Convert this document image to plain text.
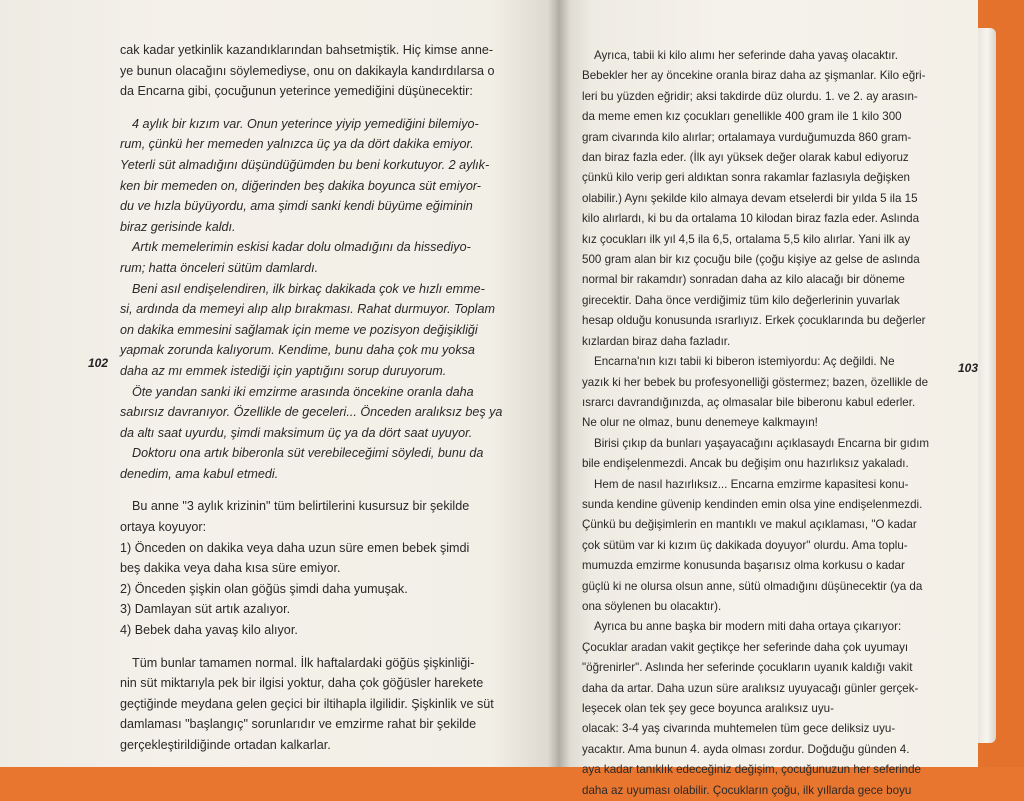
cak kadar yetkinlik kazandıklarından bahsetmiştik. Hiç kimse anne-
ye bunun olacağını söylemediyse, onu on dakikayla kandırdılarsa o
da Encarna gibi, çocuğunun yeterince yemediğini düşünecektir:
4 aylık bir kızım var. Onun yeterince yiyip yemediğini bilemiyo-
rum, çünkü her memeden yalnızca üç ya da dört dakika emiyor.
Yeterli süt almadığını düşündüğümden bu beni korkutuyor. 2 aylık-
ken bir memeden on, diğerinden beş dakika boyunca süt emiyor-
du ve hızla büyüyordu, ama şimdi sanki kendi büyüme eğiminin
biraz gerisinde kaldı.
Artık memelerimin eskisi kadar dolu olmadığını da hissediyo-
rum; hatta önceleri sütüm damlardı.
Beni asıl endişelendiren, ilk birkaç dakikada çok ve hızlı emme-
si, ardında da memeyi alıp alıp bırakması. Rahat durmuyor. Toplam
on dakika emmesini sağlamak için meme ve pozisyon değişikliği
yapmak zorunda kalıyorum. Kendime, bunu daha çok mu yoksa
daha az mı emmek istediği için yaptığını sorup duruyorum.
Öte yandan sanki iki emzirme arasında öncekine oranla daha
sabırsız davranıyor. Özellikle de geceleri... Önceden aralıksız beş ya
da altı saat uyurdu, şimdi maksimum üç ya da dört saat uyuyor.
Doktoru ona artık biberonla süt verebileceğimi söyledi, bunu da
denedim, ama kabul etmedi.
Bu anne "3 aylık krizinin" tüm belirtilerini kusursuz bir şekilde
ortaya koyuyor:
1) Önceden on dakika veya daha uzun süre emen bebek şimdi
beş dakika veya daha kısa süre emiyor.
2) Önceden şişkin olan göğüs şimdi daha yumuşak.
3) Damlayan süt artık azalıyor.
4) Bebek daha yavaş kilo alıyor.
Tüm bunlar tamamen normal. İlk haftalardaki göğüs şişkinliği-
nin süt miktarıyla pek bir ilgisi yoktur, daha çok göğüsler harekete
geçtiğinde meydana gelen geçici bir iltihapla ilgilidir. Şişkinlik ve süt
damlaması "başlangıç" sorunlarıdır ve emzirme rahat bir şekilde
gerçekleştirildiğinde ortadan kalkarlar.
Ayrıca, tabii ki kilo alımı her seferinde daha yavaş olacaktır.
Bebekler her ay öncekine oranla biraz daha az şişmanlar. Kilo eğri-
leri bu yüzden eğridir; aksi takdirde düz olurdu. 1. ve 2. ay arasın-
da meme emen kız çocukları genellikle 400 gram ile 1 kilo 300
gram civarında kilo alırlar; ortalamaya vurduğumuzda 860 gram-
dan biraz fazla eder. (İlk ayı yüksek değer olarak kabul ediyoruz
çünkü kilo verip geri aldıktan sonra rakamlar fazlasıyla değişken
olabilir.) Aynı şekilde kilo almaya devam etselerdi bir yılda 5 ila 15
kilo alırlardı, ki bu da ortalama 10 kilodan biraz fazla eder. Aslında
kız çocukları ilk yıl 4,5 ila 6,5, ortalama 5,5 kilo alırlar. Yani ilk ay
500 gram alan bir kız çocuğu bile (çoğu kişiye az gelse de aslında
normal bir rakamdır) sonradan daha az kilo alacağı bir döneme
girecektir. Daha önce verdiğimiz tüm kilo değerlerinin yuvarlak
hesap olduğu konusunda ısrarlıyız. Erkek çocuklarında bu değerler
kızlardan biraz daha fazladır.
Encarna'nın kızı tabii ki biberon istemiyordu: Aç değildi. Ne
yazık ki her bebek bu profesyonelliği göstermez; bazen, özellikle de
ısrarcı davrandığınızda, aç olmasalar bile biberonu kabul ederler.
Ne olur ne olmaz, bunu denemeye kalkmayın!
Birisi çıkıp da bunları yaşayacağını açıklasaydı Encarna bir gıdım
bile endişelenmezdi. Ancak bu değişim onu hazırlıksız yakaladı.
Hem de nasıl hazırlıksız... Encarna emzirme kapasitesi konu-
sunda kendine güvenip kendinden emin olsa yine endişelenmezdi.
Çünkü bu değişimlerin en mantıklı ve makul açıklaması, "O kadar
çok sütüm var ki kızım üç dakikada doyuyor" olurdu. Ama toplu-
mumuzda emzirme konusunda başarısız olma korkusu o kadar
güçlü ki ne olursa olsun anne, sütü olmadığını düşünecektir (ya da
ona söylenen bu olacaktır).
Ayrıca bu anne başka bir modern miti daha ortaya çıkarıyor:
Çocuklar aradan vakit geçtikçe her seferinde daha çok uyumayı
"öğrenirler". Aslında her seferinde çocukların uyanık kaldığı vakit
daha da artar. Daha uzun süre aralıksız uyuyacağı günler gerçek-
leşecek olan tek şey gece boyunca aralıksız uyu-
olacak: 3-4 yaş civarında muhtemelen tüm gece deliksiz uyu-
yacaktır. Ama bunun 4. ayda olması zordur. Doğduğu günden 4.
aya kadar tanıklık edeceğiniz değişim, çocuğunuzun her seferinde
daha az uyuması olabilir. Çocukların çoğu, ilk yıllarda gece boyu
102	103
